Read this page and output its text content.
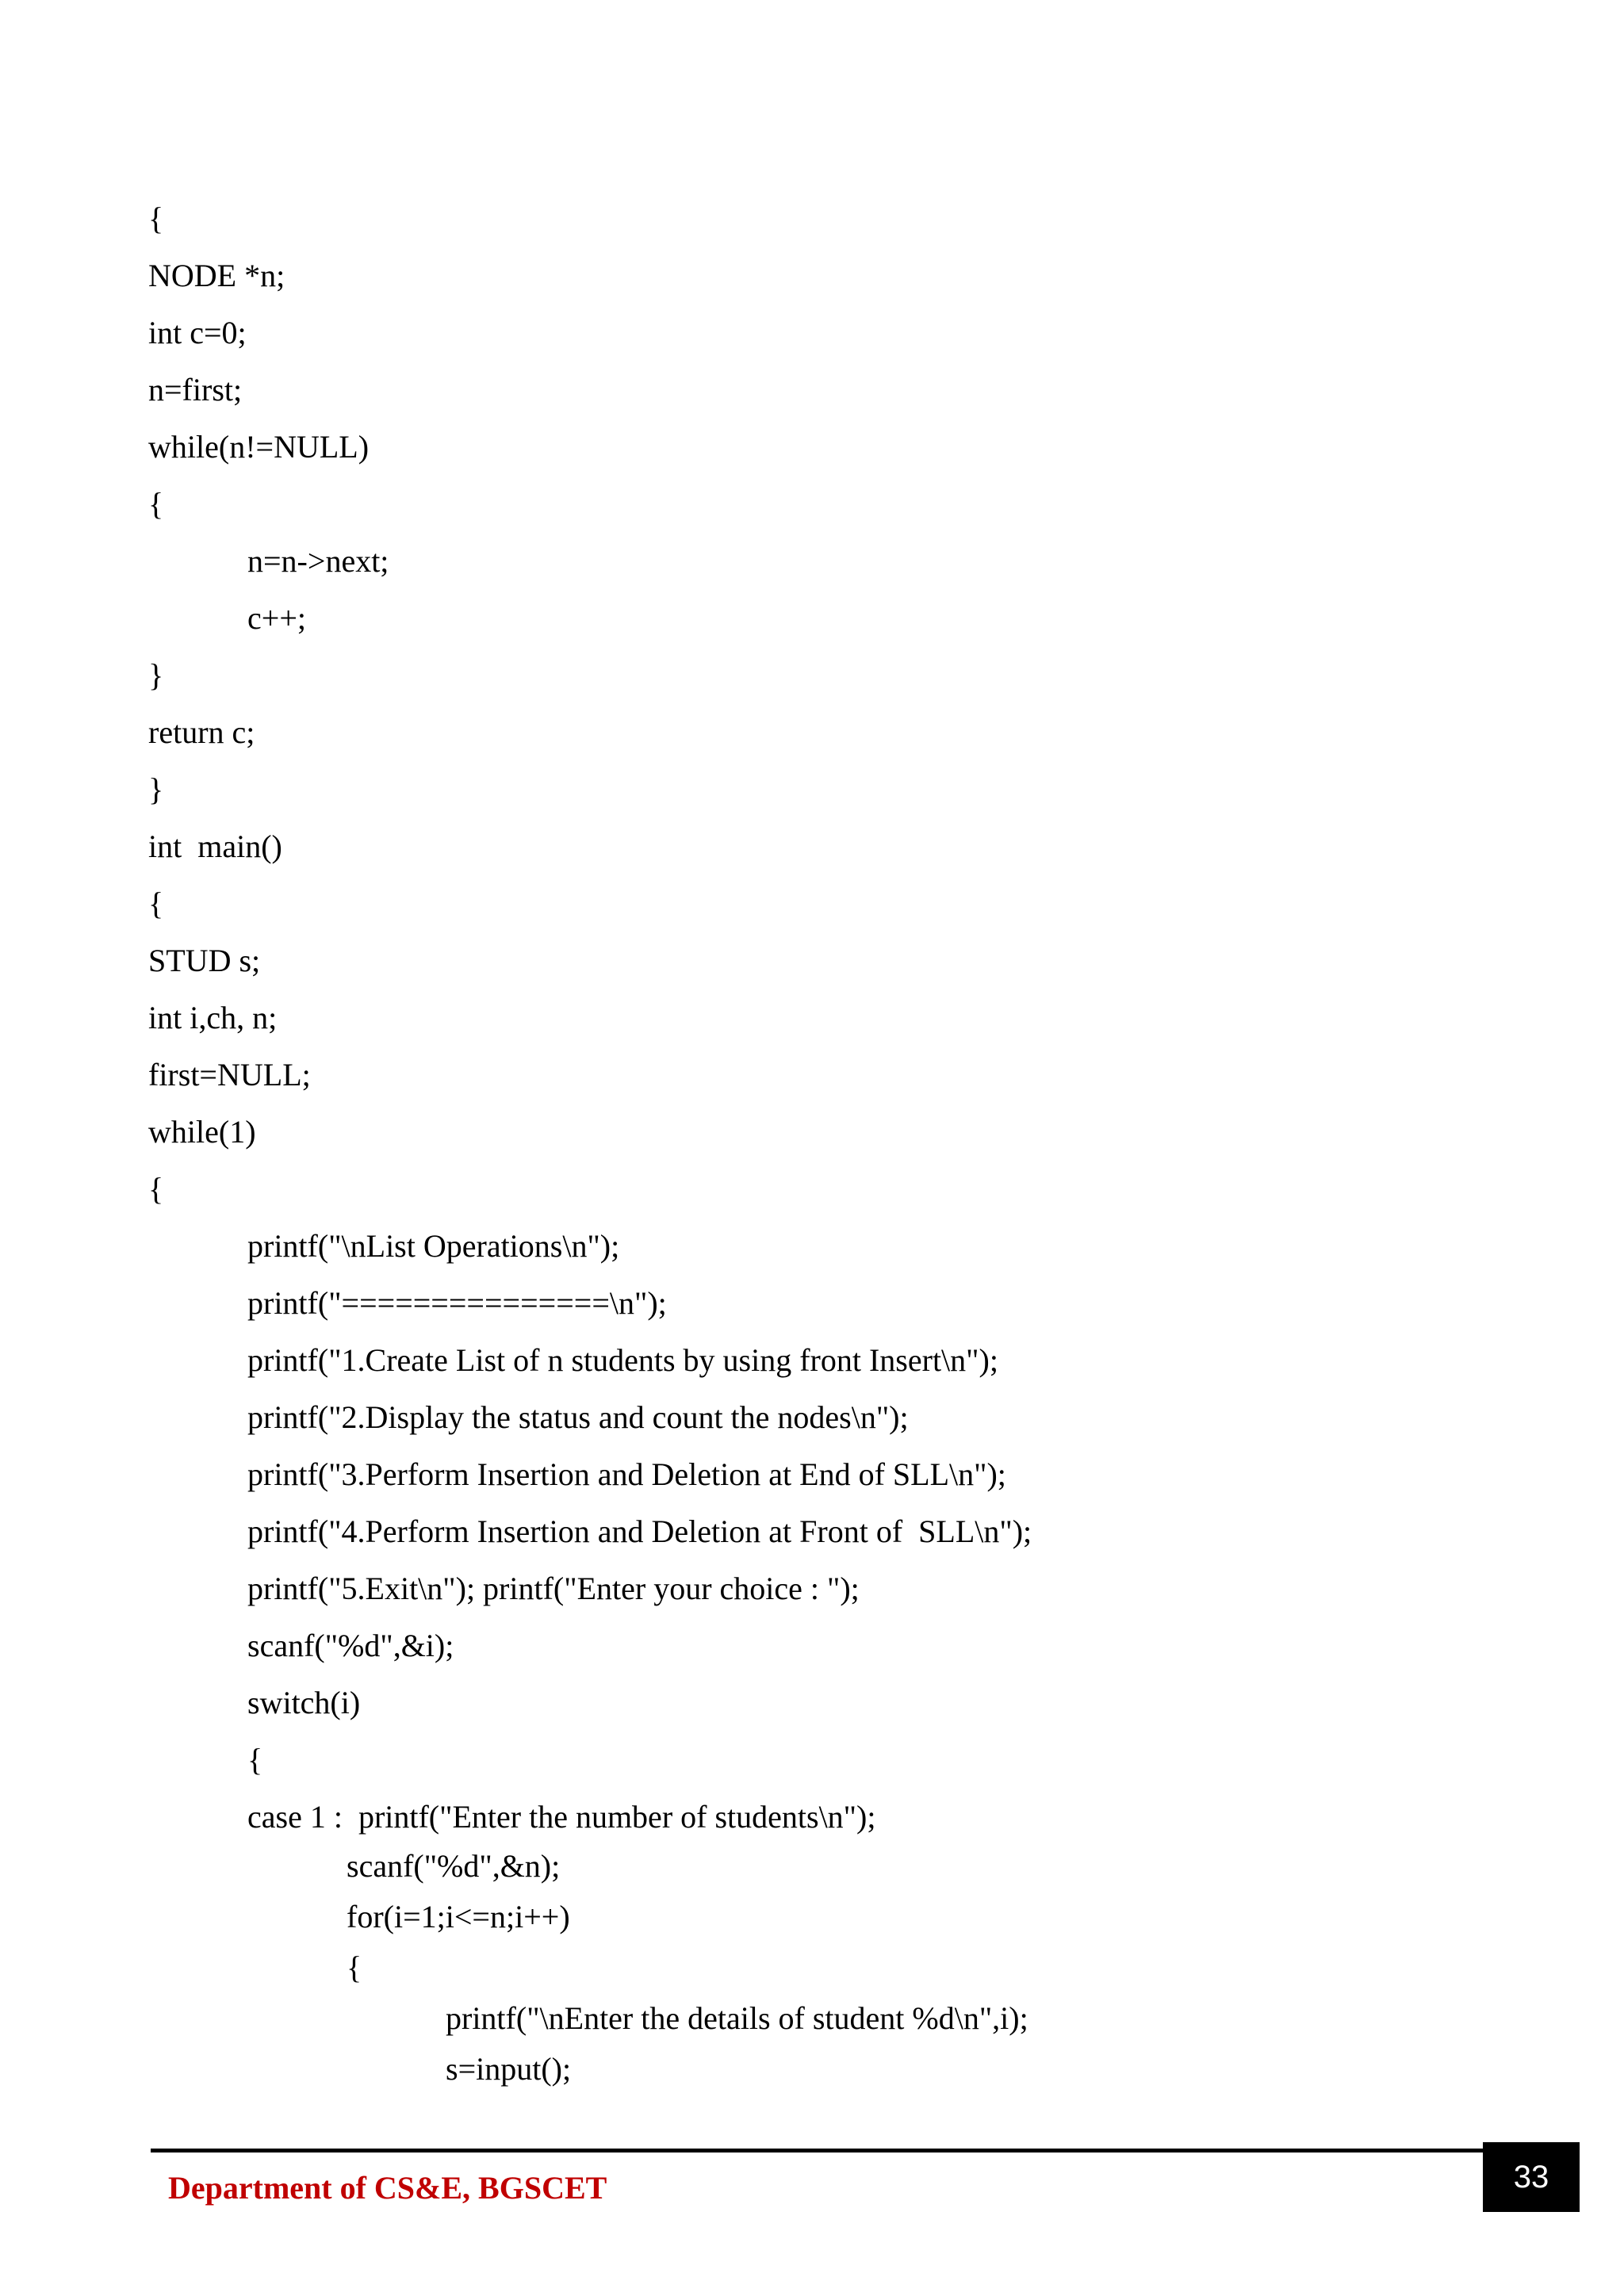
{
NODE *n;
int c=0;
n=first;
while(n!=NULL)
{
n=n->next;
c++;
}
return c;
}
int  main()
{
STUD s;
int i,ch, n;
first=NULL;
while(1)
{
printf("\nList Operations\n");
printf("===============\n");
printf("1.Create List of n students by using front Insert\n");
printf("2.Display the status and count the nodes\n");
printf("3.Perform Insertion and Deletion at End of SLL\n");
printf("4.Perform Insertion and Deletion at Front of  SLL\n");
printf("5.Exit\n"); printf("Enter your choice : ");
scanf("%d",&i);
switch(i)
{
case 1 :  printf("Enter the number of students\n");
scanf("%d",&n);
for(i=1;i<=n;i++)
{
printf("\nEnter the details of student %d\n",i);
s=input();
Department of CS&E, BGSCET	33
